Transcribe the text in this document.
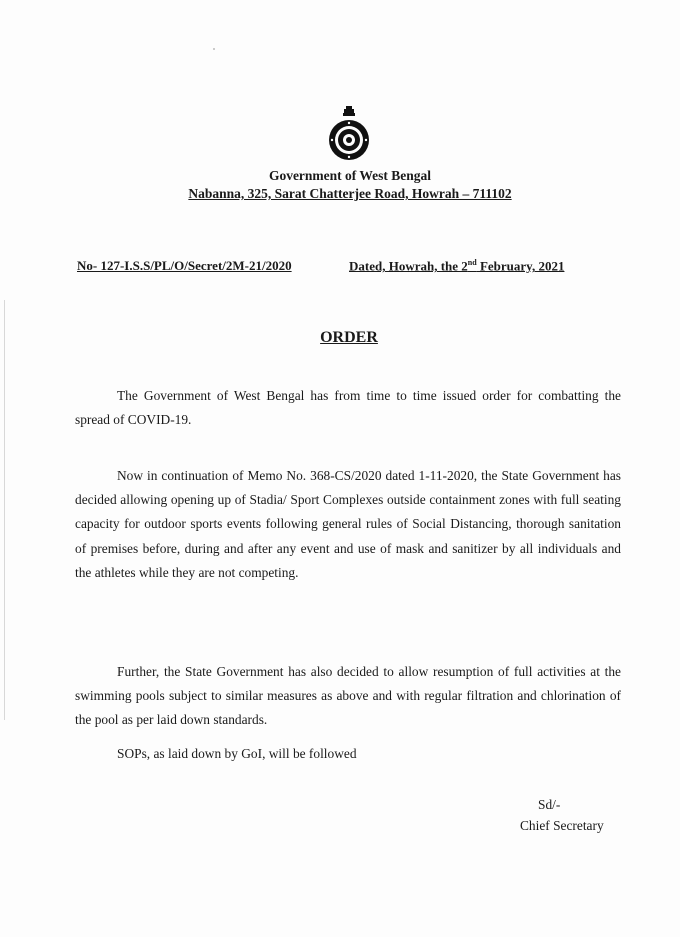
Government of West Bengal
Nabanna, 325, Sarat Chatterjee Road, Howrah – 711102
No- 127-I.S.S/PL/O/Secret/2M-21/2020	Dated, Howrah, the 2nd February, 2021
ORDER

The Government of West Bengal has from time to time issued order for combatting the spread of COVID-19.

Now in continuation of Memo No. 368-CS/2020 dated 1-11-2020, the State Government has decided allowing opening up of Stadia/ Sport Complexes outside containment zones with full seating capacity for outdoor sports events following general rules of Social Distancing, thorough sanitation of premises before, during and after any event and use of mask and sanitizer by all individuals and the athletes while they are not competing.

Further, the State Government has also decided to allow resumption of full activities at the swimming pools subject to similar measures as above and with regular filtration and chlorination of the pool as per laid down standards.

SOPs, as laid down by GoI, will be followed

Sd/-
Chief Secretary
